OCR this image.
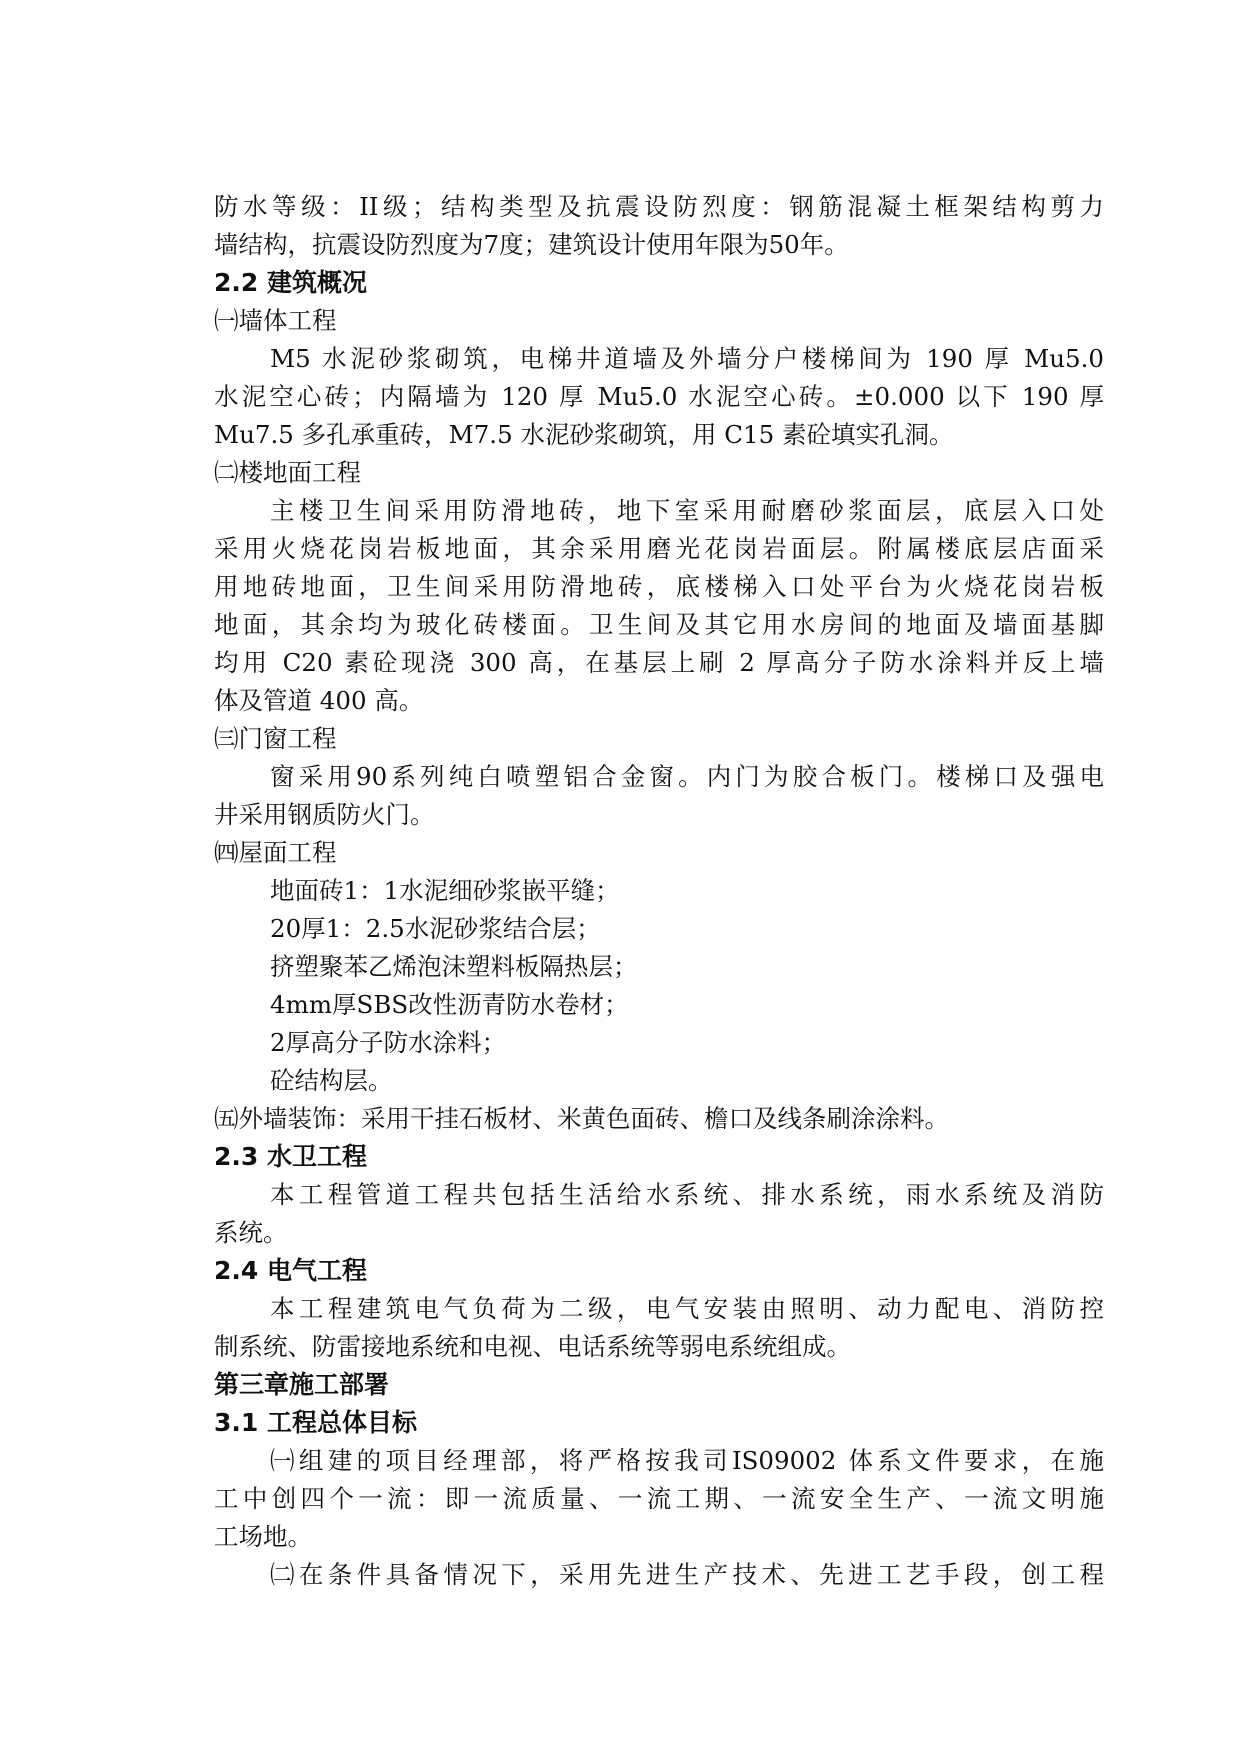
防水等级：II级；结构类型及抗震设防烈度：钢筋混凝土框架结构剪力
墙结构，抗震设防烈度为7度；建筑设计使用年限为50年。
2.2 建筑概况
㈠墙体工程
M5 水泥砂浆砌筑，电梯井道墙及外墙分户楼梯间为 190 厚 Mu5.0
水泥空心砖；内隔墙为 120 厚 Mu5.0 水泥空心砖。±0.000 以下 190 厚
Mu7.5 多孔承重砖，M7.5 水泥砂浆砌筑，用 C15 素砼填实孔洞。
㈡楼地面工程
主楼卫生间采用防滑地砖，地下室采用耐磨砂浆面层，底层入口处
采用火烧花岗岩板地面，其余采用磨光花岗岩面层。附属楼底层店面采
用地砖地面，卫生间采用防滑地砖，底楼梯入口处平台为火烧花岗岩板
地面，其余均为玻化砖楼面。卫生间及其它用水房间的地面及墙面基脚
均用 C20 素砼现浇 300 高，在基层上刷 2 厚高分子防水涂料并反上墙
体及管道 400 高。
㈢门窗工程
窗采用90系列纯白喷塑铝合金窗。内门为胶合板门。楼梯口及强电
井采用钢质防火门。
㈣屋面工程
地面砖1：1水泥细砂浆嵌平缝；
20厚1：2.5水泥砂浆结合层；
挤塑聚苯乙烯泡沫塑料板隔热层；
4mm厚SBS改性沥青防水卷材；
2厚高分子防水涂料；
砼结构层。
㈤外墙装饰：采用干挂石板材、米黄色面砖、檐口及线条刷涂涂料。
2.3 水卫工程
本工程管道工程共包括生活给水系统、排水系统，雨水系统及消防
系统。
2.4 电气工程
本工程建筑电气负荷为二级，电气安装由照明、动力配电、消防控
制系统、防雷接地系统和电视、电话系统等弱电系统组成。
第三章施工部署
3.1 工程总体目标
㈠组建的项目经理部，将严格按我司IS09002 体系文件要求，在施
工中创四个一流：即一流质量、一流工期、一流安全生产、一流文明施
工场地。
㈡在条件具备情况下，采用先进生产技术、先进工艺手段，创工程
